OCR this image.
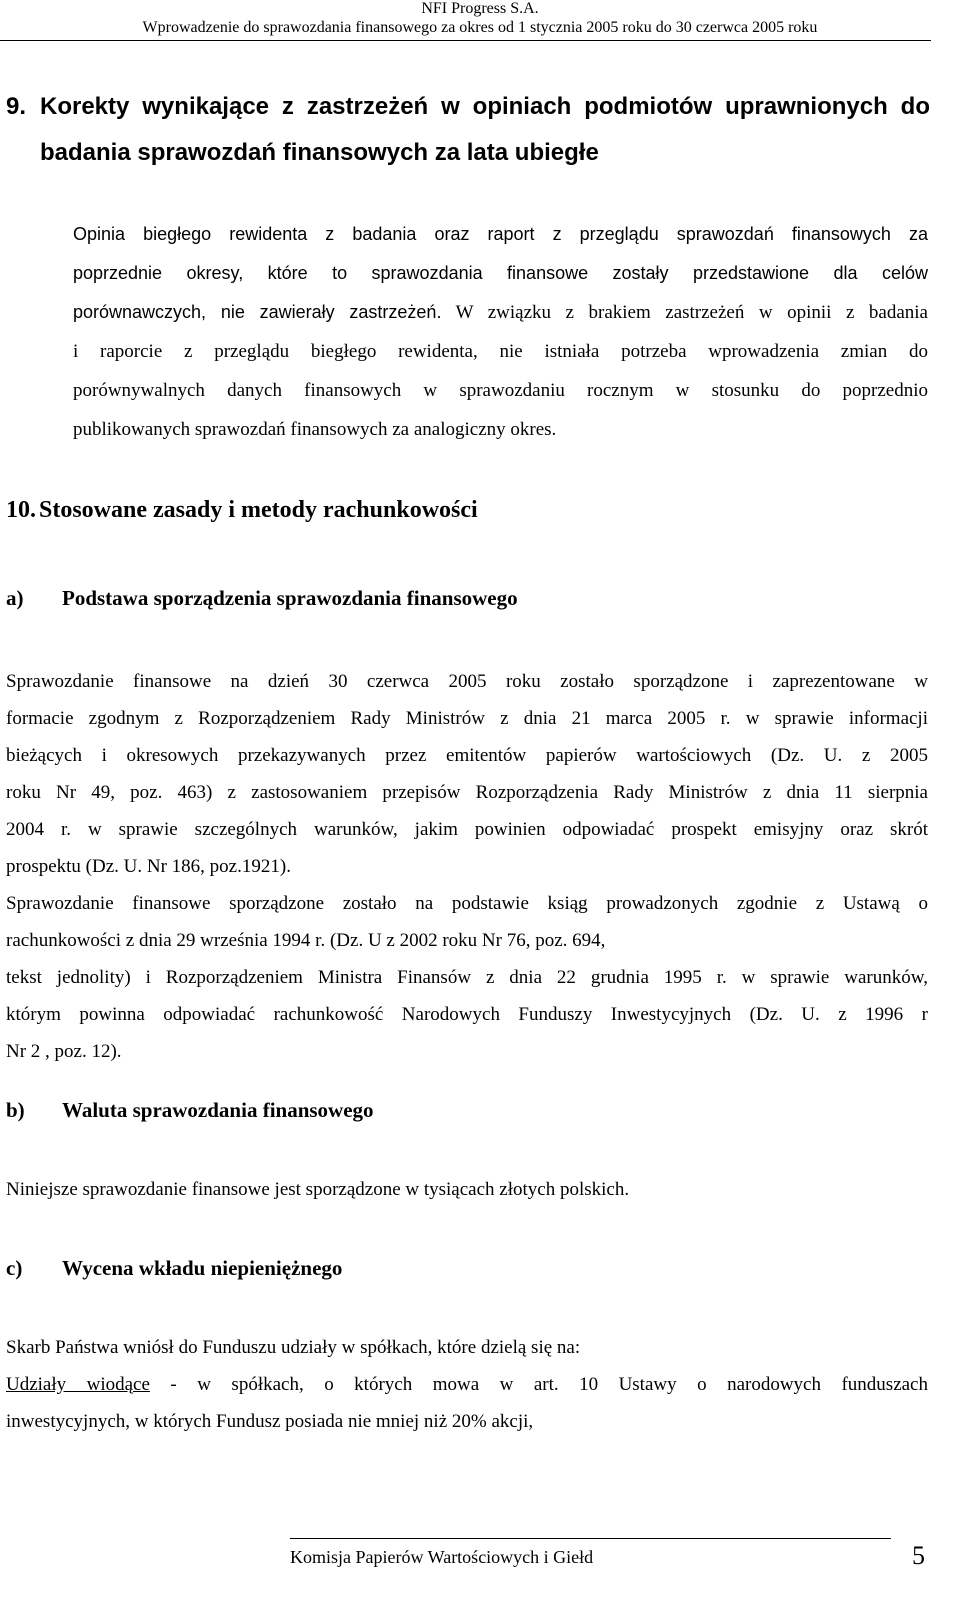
NFI Progress S.A.
Wprowadzenie do sprawozdania finansowego za okres od 1 stycznia 2005 roku do 30 czerwca 2005 roku
9. Korekty wynikające z zastrzeżeń w opiniach podmiotów uprawnionych do
badania sprawozdań finansowych za lata ubiegłe
Opinia biegłego rewidenta z badania oraz raport z przeglądu sprawozdań finansowych za
poprzednie okresy, które to sprawozdania finansowe zostały przedstawione dla celów
porównawczych, nie zawierały zastrzeżeń. W związku z brakiem zastrzeżeń w opinii z badania
i raporcie z przeglądu biegłego rewidenta, nie istniała potrzeba wprowadzenia zmian do
porównywalnych danych finansowych w sprawozdaniu rocznym w stosunku do poprzednio
publikowanych sprawozdań finansowych za analogiczny okres.
10. Stosowane zasady i metody rachunkowości
a) Podstawa sporządzenia sprawozdania finansowego
Sprawozdanie finansowe na dzień 30 czerwca 2005 roku zostało sporządzone i zaprezentowane w
formacie zgodnym z Rozporządzeniem Rady Ministrów z dnia 21 marca 2005 r. w sprawie informacji
bieżących i okresowych przekazywanych przez emitentów papierów wartościowych (Dz. U. z 2005
roku Nr 49, poz. 463) z zastosowaniem przepisów Rozporządzenia Rady Ministrów z dnia 11 sierpnia
2004 r. w sprawie szczególnych warunków, jakim powinien odpowiadać prospekt emisyjny oraz skrót
prospektu (Dz. U. Nr 186, poz.1921).
Sprawozdanie finansowe sporządzone zostało na podstawie ksiąg prowadzonych zgodnie z Ustawą o
rachunkowości z dnia 29 września 1994 r. (Dz. U z 2002 roku Nr 76, poz. 694,
tekst jednolity) i Rozporządzeniem Ministra Finansów z dnia 22 grudnia 1995 r. w sprawie warunków,
którym powinna odpowiadać rachunkowość Narodowych Funduszy Inwestycyjnych (Dz. U. z 1996 r
Nr 2 , poz. 12).
b) Waluta sprawozdania finansowego
Niniejsze sprawozdanie finansowe jest sporządzone w tysiącach złotych polskich.
c) Wycena wkładu niepieniężnego
Skarb Państwa wniósł do Funduszu udziały w spółkach, które dzielą się na:
Udziały wiodące - w spółkach, o których mowa w art. 10 Ustawy o narodowych funduszach
inwestycyjnych, w których Fundusz posiada nie mniej niż 20% akcji,
Komisja Papierów Wartościowych i Giełd	5
